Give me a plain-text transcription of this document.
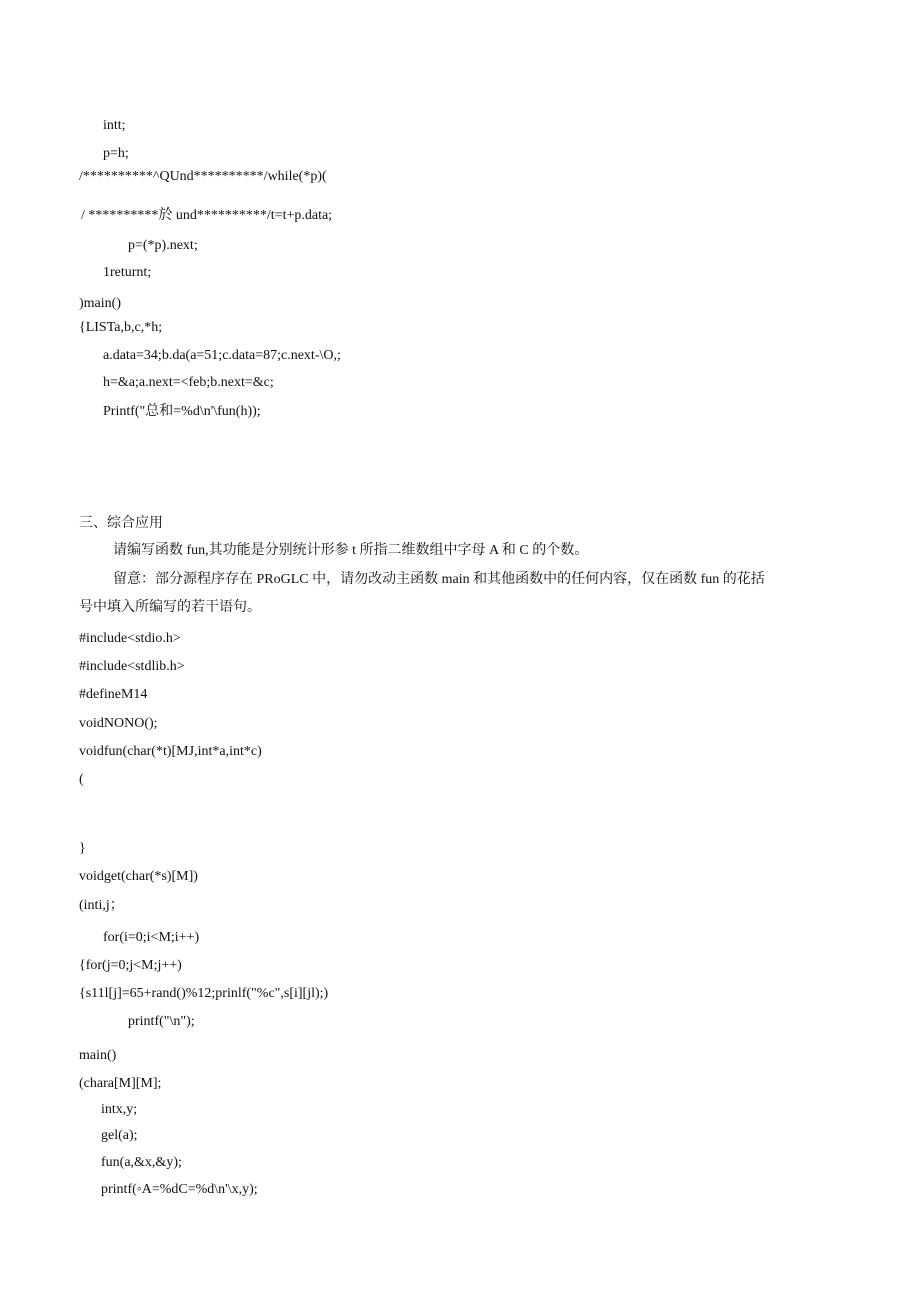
intt;
p=h;
/**********^QUnd**********/while(*p)(
/ **********於 und**********/t=t+p.data;
p=(*p).next;
1returnt;
)main()
{LISTa,b,c,*h;
a.data=34;b.da(a=51;c.data=87;c.next-\O,;
h=&a;a.next=<feb;b.next=&c;
Printf("总和=%d\n'\fun(h));
三、综合应用
请编写函数 fun,其功能是分别统计形参 t 所指二维数组中字母 A 和 C 的个数。
留意：部分源程序存在 PRoGLC 中，请勿改动主函数 main 和其他函数中的任何内容，仅在函数 fun 的花括
号中填入所编写的若干语句。
#include<stdio.h>
#include<stdlib.h>
#defineM14
voidNONO();
voidfun(char(*t)[MJ,int*a,int*c)
(
}
voidget(char(*s)[M])
(inti,j；
for(i=0;i<M;i++)
{for(j=0;j<M;j++)
{s11l[j]=65+rand()%12;prinlf("%c",s[i][jl);)
printf("\n");
main()
(chara[M][M];
intx,y;
gel(a);
fun(a,&x,&y);
printf(◦A=%dC=%d\n'\x,y);
